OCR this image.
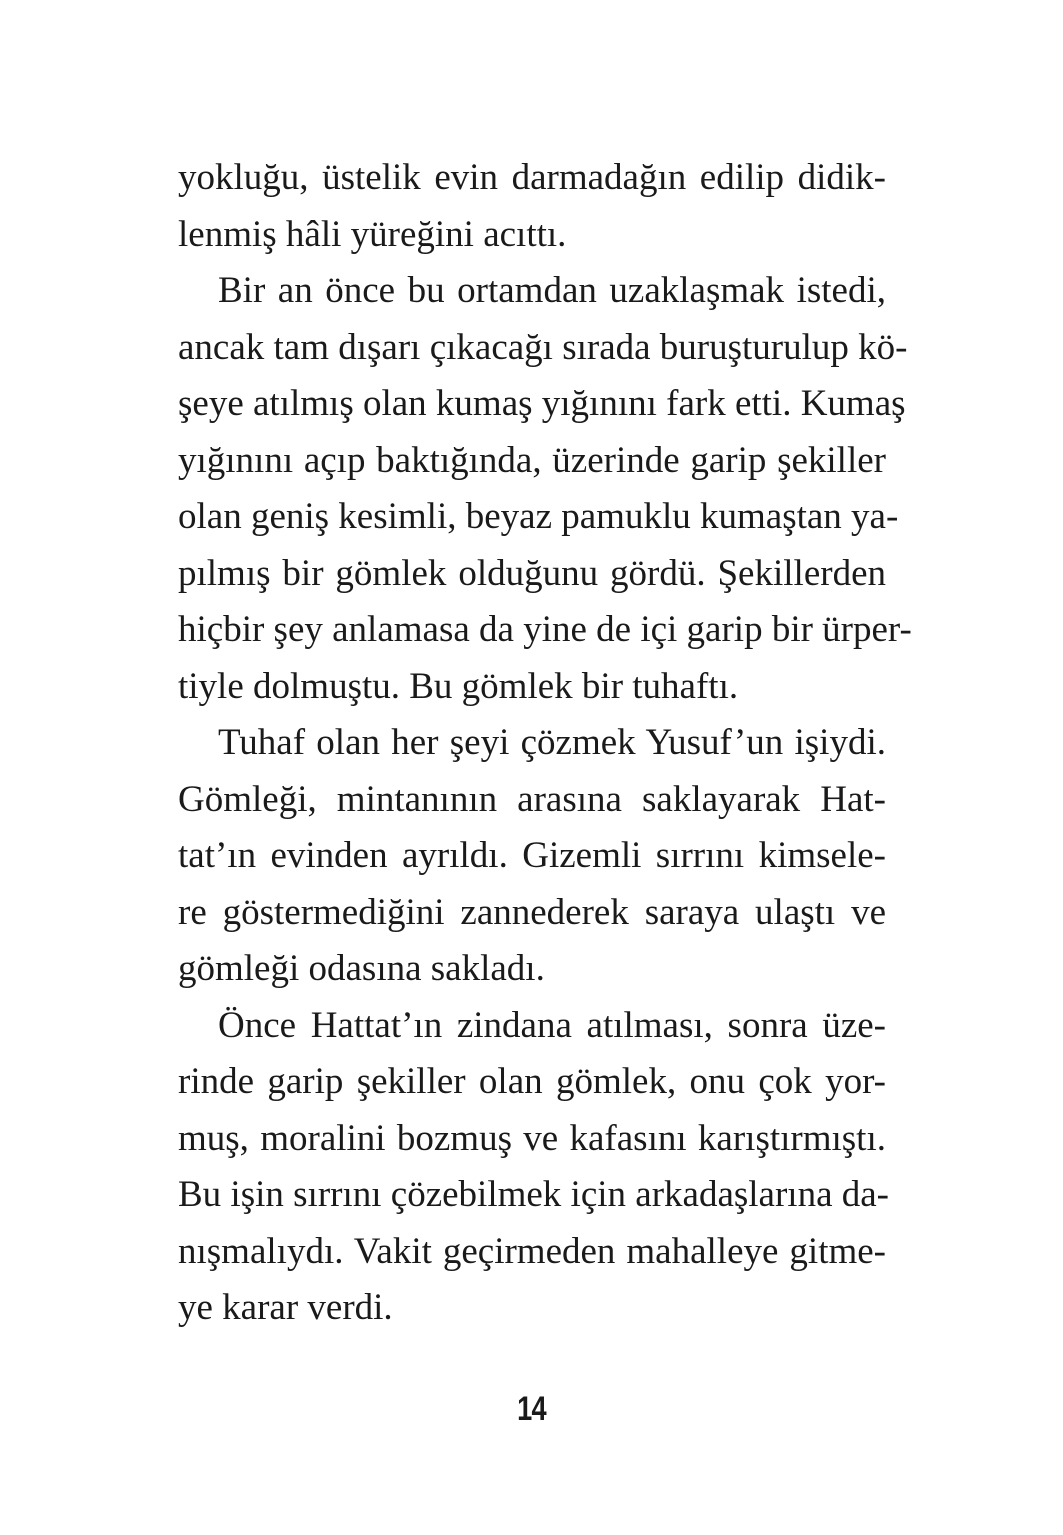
yokluğu, üstelik evin darmadağın edilip didik-
lenmiş hâli yüreğini acıttı.
Bir an önce bu ortamdan uzaklaşmak istedi,
ancak tam dışarı çıkacağı sırada buruşturulup kö-
şeye atılmış olan kumaş yığınını fark etti. Kumaş
yığınını açıp baktığında, üzerinde garip şekiller
olan geniş kesimli, beyaz pamuklu kumaştan ya-
pılmış bir gömlek olduğunu gördü. Şekillerden
hiçbir şey anlamasa da yine de içi garip bir ürper-
tiyle dolmuştu. Bu gömlek bir tuhaftı.
Tuhaf olan her şeyi çözmek Yusuf’un işiydi.
Gömleği, mintanının arasına saklayarak Hat-
tat’ın evinden ayrıldı. Gizemli sırrını kimsele-
re göstermediğini zannederek saraya ulaştı ve
gömleği odasına sakladı.
Önce Hattat’ın zindana atılması, sonra üze-
rinde garip şekiller olan gömlek, onu çok yor-
muş, moralini bozmuş ve kafasını karıştırmıştı.
Bu işin sırrını çözebilmek için arkadaşlarına da-
nışmalıydı. Vakit geçirmeden mahalleye gitme-
ye karar verdi.
14
